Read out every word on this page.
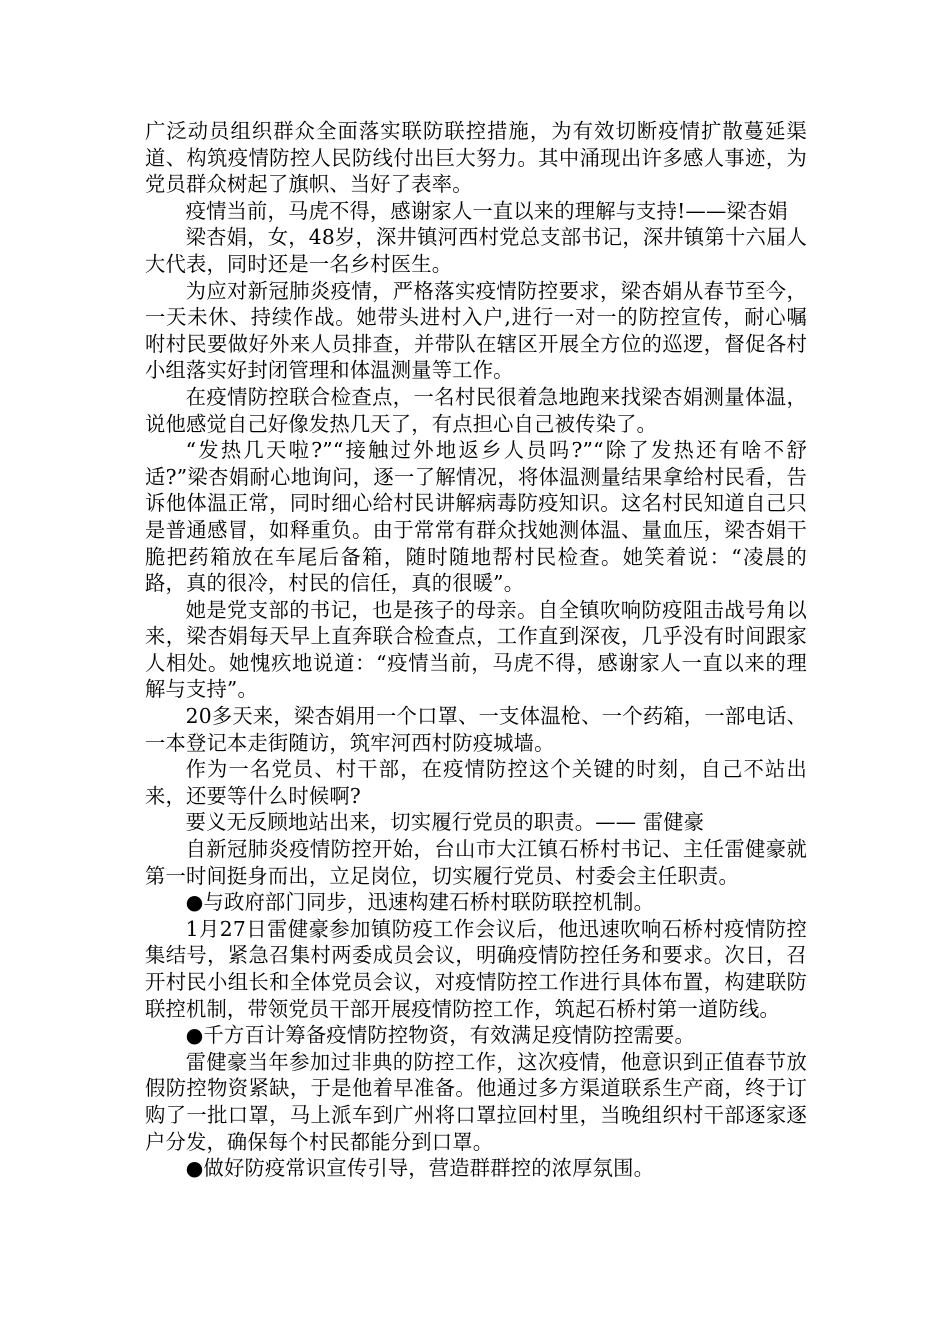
广泛动员组织群众全面落实联防联控措施，为有效切断疫情扩散蔓延渠道、构筑疫情防控人民防线付出巨大努力。其中涌现出许多感人事迹，为党员群众树起了旗帜、当好了表率。

疫情当前，马虎不得，感谢家人一直以来的理解与支持!——梁杏娟

梁杏娟，女，48岁，深井镇河西村党总支部书记，深井镇第十六届人大代表，同时还是一名乡村医生。

为应对新冠肺炎疫情，严格落实疫情防控要求，梁杏娟从春节至今，一天未休、持续作战。她带头进村入户,进行一对一的防控宣传，耐心嘱咐村民要做好外来人员排查，并带队在辖区开展全方位的巡逻，督促各村小组落实好封闭管理和体温测量等工作。

在疫情防控联合检查点，一名村民很着急地跑来找梁杏娟测量体温，说他感觉自己好像发热几天了，有点担心自己被传染了。

“发热几天啦?”“接触过外地返乡人员吗?”“除了发热还有啥不舒适?”梁杏娟耐心地询问，逐一了解情况，将体温测量结果拿给村民看，告诉他体温正常，同时细心给村民讲解病毒防疫知识。这名村民知道自己只是普通感冒，如释重负。由于常常有群众找她测体温、量血压，梁杏娟干脆把药箱放在车尾后备箱，随时随地帮村民检查。她笑着说：“凌晨的路，真的很冷，村民的信任，真的很暖”。

她是党支部的书记，也是孩子的母亲。自全镇吹响防疫阻击战号角以来，梁杏娟每天早上直奔联合检查点，工作直到深夜，几乎没有时间跟家人相处。她愧疚地说道：“疫情当前，马虎不得，感谢家人一直以来的理解与支持”。

20多天来，梁杏娟用一个口罩、一支体温枪、一个药箱，一部电话、一本登记本走街随访，筑牢河西村防疫城墙。

作为一名党员、村干部，在疫情防控这个关键的时刻，自己不站出来，还要等什么时候啊?

要义无反顾地站出来，切实履行党员的职责。—— 雷健豪

自新冠肺炎疫情防控开始，台山市大江镇石桥村书记、主任雷健豪就第一时间挺身而出，立足岗位，切实履行党员、村委会主任职责。

●与政府部门同步，迅速构建石桥村联防联控机制。

1月27日雷健豪参加镇防疫工作会议后，他迅速吹响石桥村疫情防控集结号，紧急召集村两委成员会议，明确疫情防控任务和要求。次日，召开村民小组长和全体党员会议，对疫情防控工作进行具体布置，构建联防联控机制，带领党员干部开展疫情防控工作，筑起石桥村第一道防线。

●千方百计筹备疫情防控物资，有效满足疫情防控需要。

雷健豪当年参加过非典的防控工作，这次疫情，他意识到正值春节放假防控物资紧缺，于是他着早准备。他通过多方渠道联系生产商，终于订购了一批口罩，马上派车到广州将口罩拉回村里，当晚组织村干部逐家逐户分发，确保每个村民都能分到口罩。

●做好防疫常识宣传引导，营造群群控的浓厚氛围。
